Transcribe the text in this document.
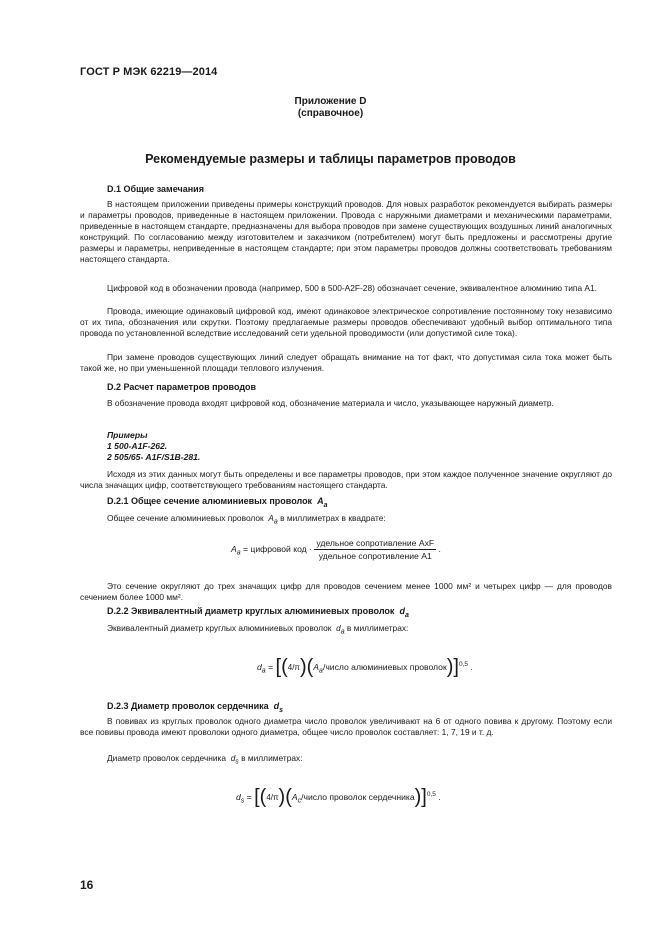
ГОСТ Р МЭК 62219—2014
Приложение D
(справочное)
Рекомендуемые размеры и таблицы параметров проводов
D.1 Общие замечания
В настоящем приложении приведены примеры конструкций проводов. Для новых разработок рекомендуется выбирать размеры и параметры проводов, приведенные в настоящем приложении. Провода с наружными диаметрами и механическими параметрами, приведенные в настоящем стандарте, предназначены для выбора проводов при замене существующих воздушных линий аналогичных конструкций. По согласованию между изготовителем и заказчиком (потребителем) могут быть предложены и рассмотрены другие размеры и параметры, неприведенные в настоящем стандарте; при этом параметры проводов должны соответствовать требованиям настоящего стандарта.
Цифровой код в обозначении провода (например, 500 в 500-A2F-28) обозначает сечение, эквивалентное алюминию типа А1.
Провода, имеющие одинаковый цифровой код, имеют одинаковое электрическое сопротивление постоянному току независимо от их типа, обозначения или скрутки. Поэтому предлагаемые размеры проводов обеспечивают удобный выбор оптимального типа провода по установленной вследствие исследований сети удельной проводимости (или допустимой силе тока).
При замене проводов существующих линий следует обращать внимание на тот факт, что допустимая сила тока может быть такой же, но при уменьшенной площади теплового излучения.
D.2 Расчет параметров проводов
В обозначение провода входят цифровой код, обозначение материала и число, указывающее наружный диаметр.
Примеры
1 500-A1F-262.
2 505/65- A1F/S1B-281.
Исходя из этих данных могут быть определены и все параметры проводов, при этом каждое полученное значение округляют до числа значащих цифр, соответствующего требованиям настоящего стандарта.
D.2.1 Общее сечение алюминиевых проволок $A_a$
Общее сечение алюминиевых проволок $A_a$ в миллиметрах в квадрате:
$A_a$ = цифровой код · $\frac{\text{удельное сопротивление AxF}}{\text{удельное сопротивление А1}}$ .
Это сечение округляют до трех значащих цифр для проводов сечением менее 1000 мм² и четырех цифр — для проводов сечением более 1000 мм².
D.2.2 Эквивалентный диаметр круглых алюминиевых проволок $d_a$
Эквивалентный диаметр круглых алюминиевых проволок $d_a$ в миллиметрах:
$d_a$ = [$(4/\pi)(A_a$/число алюминиевых проволок)]$^{0,5}$ .
D.2.3 Диаметр проволок сердечника $d_s$
В повивах из круглых проволок одного диаметра число проволок увеличивают на 6 от одного повива к другому. Поэтому если все повивы провода имеют проволоки одного диаметра, общее число проволок составляет: 1, 7, 19 и т. д.
Диаметр проволок сердечника $d_s$ в миллиметрах:
$d_s$ = [$(4/\pi)(A_c$/число проволок сердечника)]$^{0,5}$ .
16
